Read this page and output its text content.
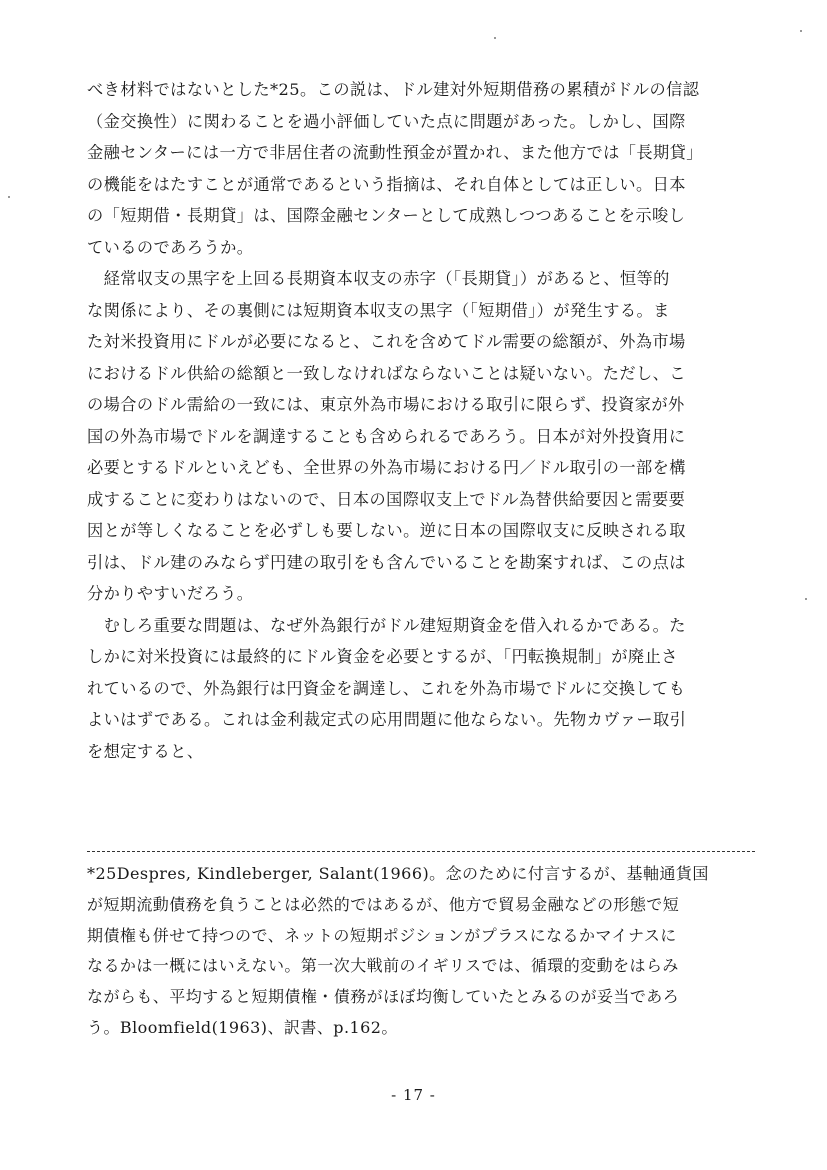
べき材料ではないとした*25。この説は、ドル建対外短期借務の累積がドルの信認
（金交換性）に関わることを過小評価していた点に問題があった。しかし、国際
金融センターには一方で非居住者の流動性預金が置かれ、また他方では「長期貸」
の機能をはたすことが通常であるという指摘は、それ自体としては正しい。日本
の「短期借・長期貸」は、国際金融センターとして成熟しつつあることを示唆し
ているのであろうか。
　経常収支の黒字を上回る長期資本収支の赤字（「長期貸」）があると、恒等的
な関係により、その裏側には短期資本収支の黒字（「短期借」）が発生する。ま
た対米投資用にドルが必要になると、これを含めてドル需要の総額が、外為市場
におけるドル供給の総額と一致しなければならないことは疑いない。ただし、こ
の場合のドル需給の一致には、東京外為市場における取引に限らず、投資家が外
国の外為市場でドルを調達することも含められるであろう。日本が対外投資用に
必要とするドルといえども、全世界の外為市場における円／ドル取引の一部を構
成することに変わりはないので、日本の国際収支上でドル為替供給要因と需要要
因とが等しくなることを必ずしも要しない。逆に日本の国際収支に反映される取
引は、ドル建のみならず円建の取引をも含んでいることを勘案すれば、この点は
分かりやすいだろう。
　むしろ重要な問題は、なぜ外為銀行がドル建短期資金を借入れるかである。た
しかに対米投資には最終的にドル資金を必要とするが、「円転換規制」が廃止さ
れているので、外為銀行は円資金を調達し、これを外為市場でドルに交換しても
よいはずである。これは金利裁定式の応用問題に他ならない。先物カヴァー取引
を想定すると、
*25Despres, Kindleberger, Salant(1966)。念のために付言するが、基軸通貨国
が短期流動債務を負うことは必然的ではあるが、他方で貿易金融などの形態で短
期債権も併せて持つので、ネットの短期ポジションがプラスになるかマイナスに
なるかは一概にはいえない。第一次大戦前のイギリスでは、循環的変動をはらみ
ながらも、平均すると短期債権・債務がほぼ均衡していたとみるのが妥当であろ
う。Bloomfield(1963)、訳書、p.162。
- 17 -
